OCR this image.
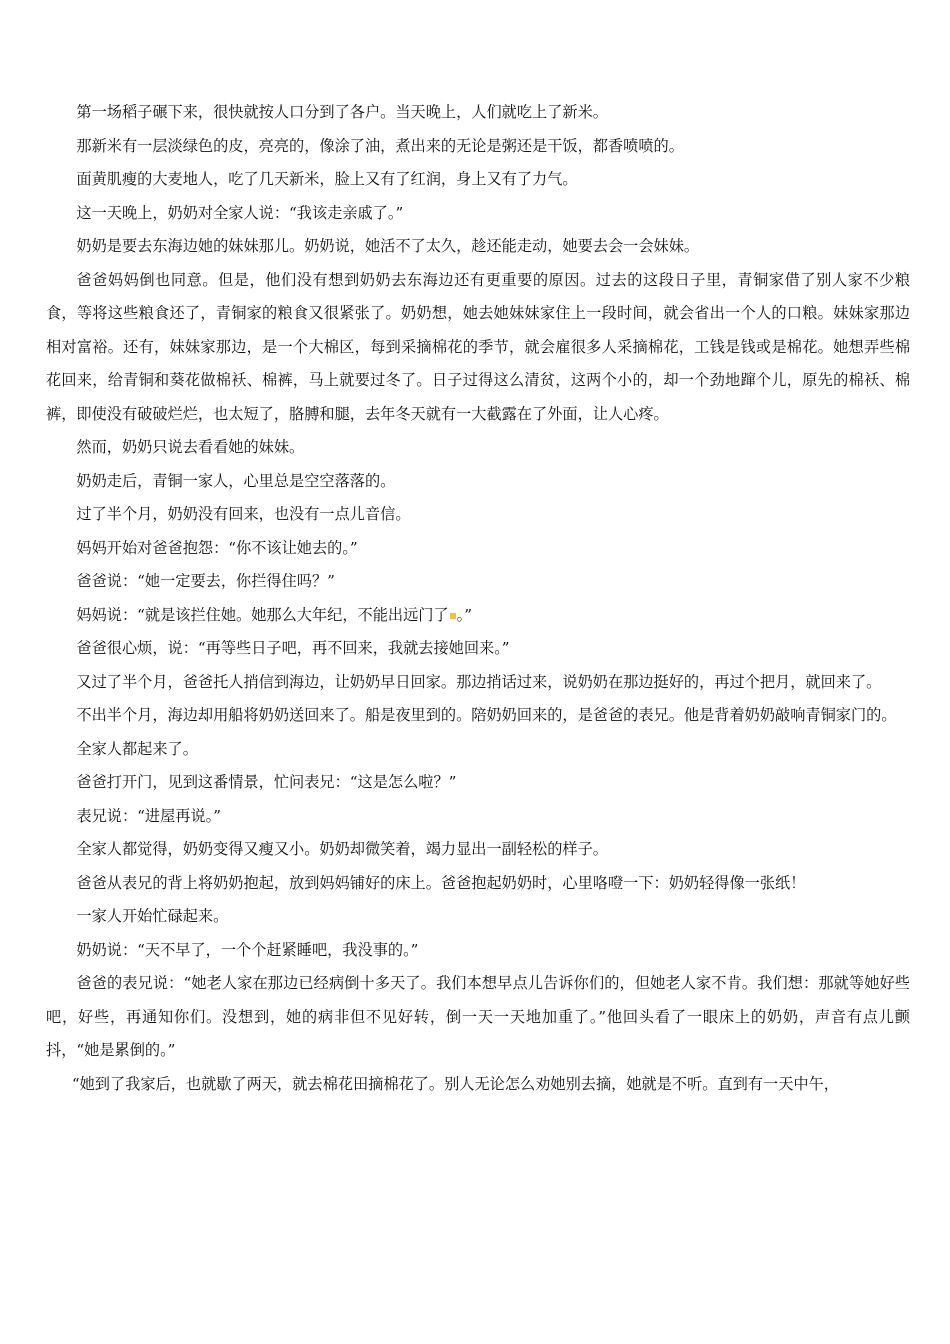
第一场稻子碾下来，很快就按人口分到了各户。当天晚上，人们就吃上了新米。

那新米有一层淡绿色的皮，亮亮的，像涂了油，煮出来的无论是粥还是干饭，都香喷喷的。

面黄肌瘦的大麦地人，吃了几天新米，脸上又有了红润，身上又有了力气。

这一天晚上，奶奶对全家人说：“我该走亲戚了。”

奶奶是要去东海边她的妹妹那儿。奶奶说，她活不了太久，趁还能走动，她要去会一会妹妹。

爸爸妈妈倒也同意。但是，他们没有想到奶奶去东海边还有更重要的原因。过去的这段日子里，青铜家借了别人家不少粮食，等将这些粮食还了，青铜家的粮食又很紧张了。奶奶想，她去她妹妹家住上一段时间，就会省出一个人的口粮。妹妹家那边相对富裕。还有，妹妹家那边，是一个大棉区，每到采摘棉花的季节，就会雇很多人采摘棉花，工钱是钱或是棉花。她想弄些棉花回来，给青铜和葵花做棉袄、棉裤，马上就要过冬了。日子过得这么清贫，这两个小的，却一个劲地蹿个儿，原先的棉袄、棉裤，即使没有破破烂烂，也太短了，胳膊和腿，去年冬天就有一大截露在了外面，让人心疼。

然而，奶奶只说去看看她的妹妹。

奶奶走后，青铜一家人，心里总是空空落落的。

过了半个月，奶奶没有回来，也没有一点儿音信。

妈妈开始对爸爸抱怨：“你不该让她去的。”

爸爸说：“她一定要去，你拦得住吗？”

妈妈说：“就是该拦住她。她那么大年纪，不能出远门了 。”

爸爸很心烦，说：“再等些日子吧，再不回来，我就去接她回来。”

又过了半个月，爸爸托人捎信到海边，让奶奶早日回家。那边捎话过来，说奶奶在那边挺好的，再过个把月，就回来了。

不出半个月，海边却用船将奶奶送回来了。船是夜里到的。陪奶奶回来的，是爸爸的表兄。他是背着奶奶敲响青铜家门的。

全家人都起来了。

爸爸打开门，见到这番情景，忙问表兄：“这是怎么啦？”

表兄说：“进屋再说。”

全家人都觉得，奶奶变得又瘦又小。奶奶却微笑着，竭力显出一副轻松的样子。

爸爸从表兄的背上将奶奶抱起，放到妈妈铺好的床上。爸爸抱起奶奶时，心里咯噔一下：奶奶轻得像一张纸！

一家人开始忙碌起来。

奶奶说：“天不早了，一个个赶紧睡吧，我没事的。”

爸爸的表兄说：“她老人家在那边已经病倒十多天了。我们本想早点儿告诉你们的，但她老人家不肯。我们想：那就等她好些吧，好些，再通知你们。没想到，她的病非但不见好转，倒一天一天地加重了。”他回头看了一眼床上的奶奶，声音有点儿颤抖，“她是累倒的。”

“她到了我家后，也就歇了两天，就去棉花田摘棉花了。别人无论怎么劝她别去摘，她就是不听。直到有一天中午，
